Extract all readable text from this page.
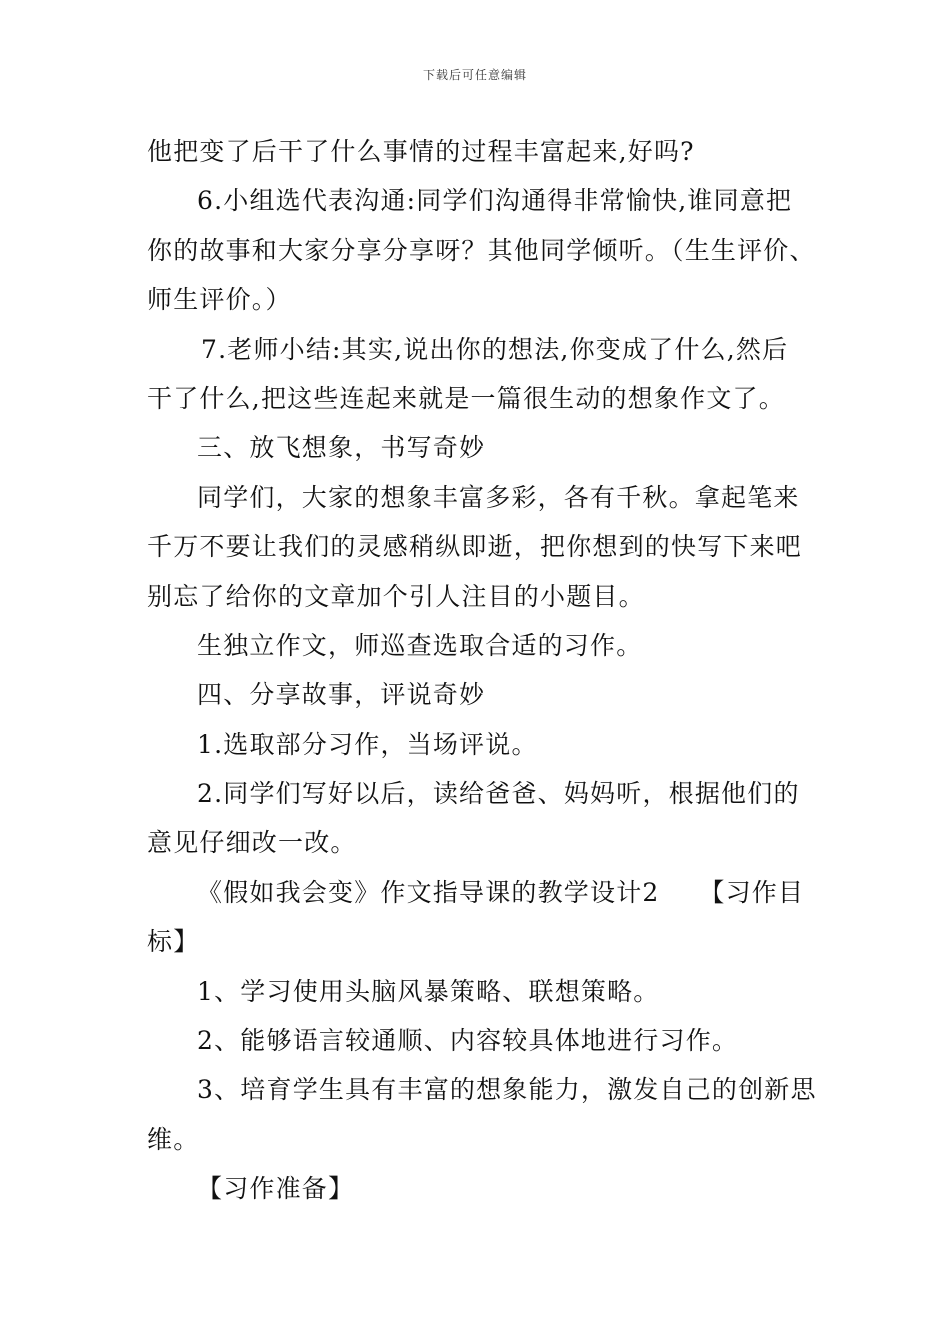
下载后可任意编辑
他把变了后干了什么事情的过程丰富起来,好吗?
6.小组选代表沟通:同学们沟通得非常愉快,谁同意把
你的故事和大家分享分享呀？其他同学倾听。（生生评价、
师生评价。）
7.老师小结:其实,说出你的想法,你变成了什么,然后
干了什么,把这些连起来就是一篇很生动的想象作文了。
三、放飞想象，书写奇妙
同学们，大家的想象丰富多彩，各有千秋。拿起笔来
千万不要让我们的灵感稍纵即逝，把你想到的快写下来吧
别忘了给你的文章加个引人注目的小题目。
生独立作文，师巡查选取合适的习作。
四、分享故事，评说奇妙
1.选取部分习作，当场评说。
2.同学们写好以后，读给爸爸、妈妈听，根据他们的
意见仔细改一改。
《假如我会变》作文指导课的教学设计2　　【习作目
标】
1、学习使用头脑风暴策略、联想策略。
2、能够语言较通顺、内容较具体地进行习作。
3、培育学生具有丰富的想象能力，激发自己的创新思
维。
【习作准备】
